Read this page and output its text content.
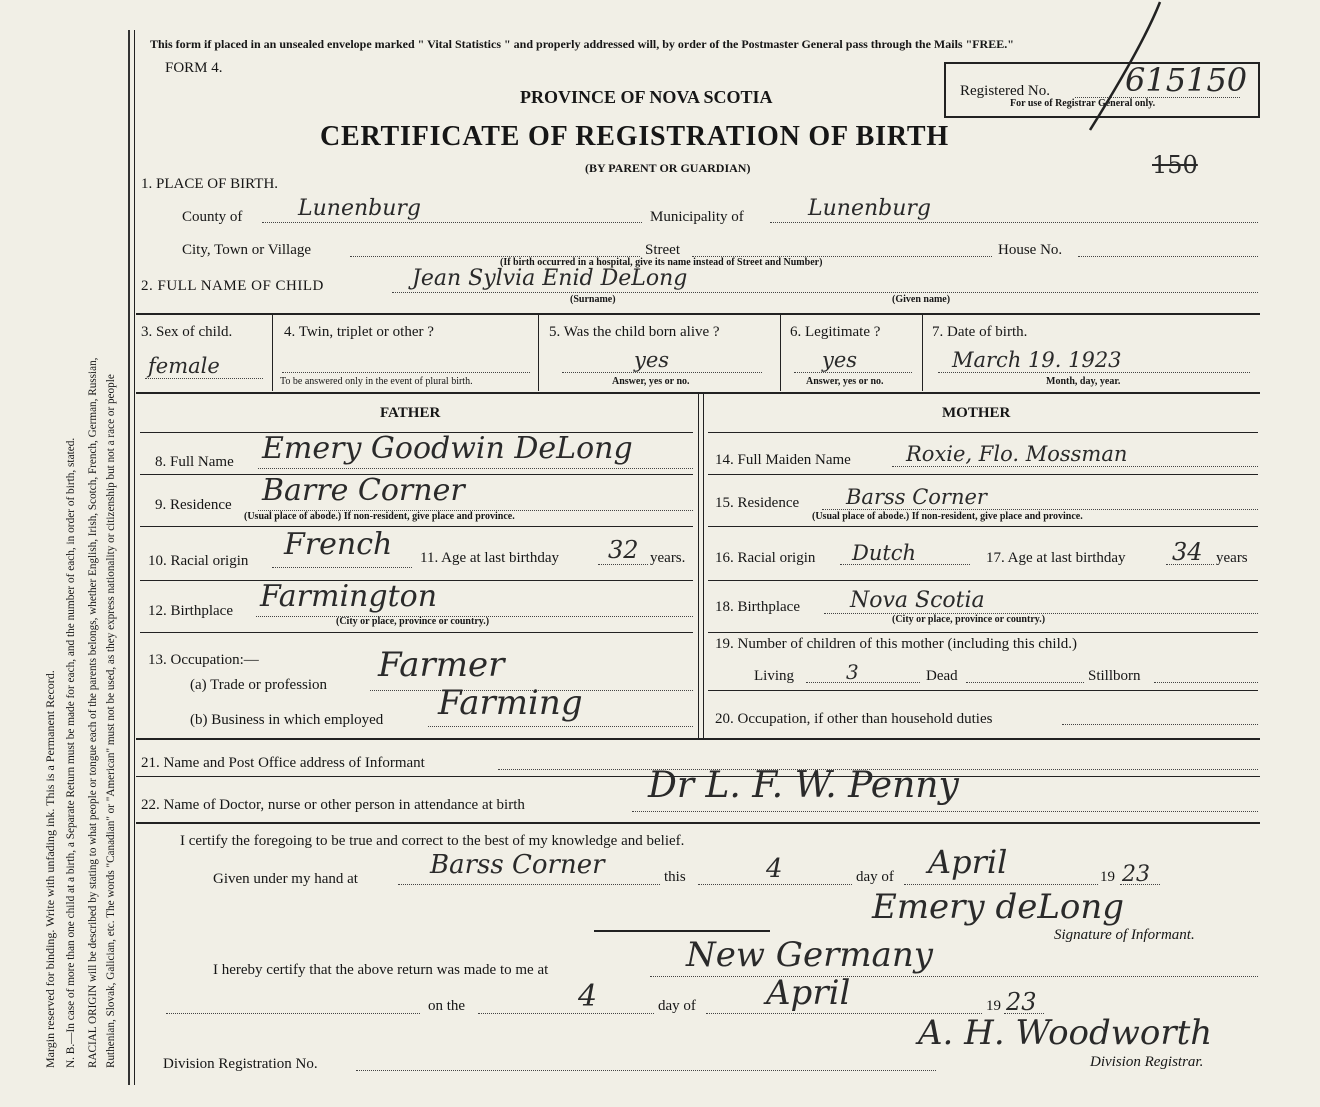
Margin reserved for binding. Write with unfading ink. This is a Permanent Record. N. B.—In case of more than one child at a birth, a Separate Return must be made for each, and the number of each, in order of birth, stated. RACIAL ORIGIN will be described by stating to what people or tongue each of the parents belongs, whether English, Irish, Scotch, French, German, Russian, Ruthenian, Slovak, Galician, etc. The words "Canadian" or "American" must not be used, as they express nationality or citizenship but not a race or people
This form if placed in an unsealed envelope marked " Vital Statistics " and properly addressed will, by order of the Postmaster General pass through the Mails "FREE."
FORM 4.
PROVINCE OF NOVA SCOTIA
CERTIFICATE OF REGISTRATION OF BIRTH
(BY PARENT OR GUARDIAN)
Registered No. 615150
For use of Registrar General only.
150
1. PLACE OF BIRTH.
County of	Lunenburg	Municipality of	Lunenburg
City, Town or Village	Street	House No.
(If birth occurred in a hospital, give its name instead of Street and Number)
2. FULL NAME OF CHILD	Jean Sylvia Enid DeLong
(Surname)	(Given name)
3. Sex of child.
female
4. Twin, triplet or other ?
To be answered only in the event of plural birth.
5. Was the child born alive ?
yes
Answer, yes or no.
6. Legitimate ?
yes
Answer, yes or no.
7. Date of birth.
March 19. 1923
Month, day, year.
FATHER
8. Full Name Emery Goodwin DeLong
9. Residence Barre Corner
(Usual place of abode.) If non-resident, give place and province.
10. Racial origin French 11. Age at last birthday 32 years.
12. Birthplace Farmington
(City or place, province or country.)
13. Occupation:—
(a) Trade or profession Farmer
(b) Business in which employed Farming
MOTHER
14. Full Maiden Name	Roxie, Flo. Mossman
15. Residence Barss Corner
(Usual place of abode.) If non-resident, give place and province.
16. Racial origin Dutch	17. Age at last birthday 34 years
18. Birthplace Nova Scotia
(City or place, province or country.)
19. Number of children of this mother (including this child.)
Living	3	Dead	Stillborn
20. Occupation, if other than household duties
21. Name and Post Office address of Informant
22. Name of Doctor, nurse or other person in attendance at birth	Dr L. F. W. Penny
I certify the foregoing to be true and correct to the best of my knowledge and belief.
Given under my hand at	Barss Corner	this	4	day of April	19 23
Emery deLong
Signature of Informant.
I hereby certify that the above return was made to me at	New Germany
on the	4	day of April	19 23
A. H. Woodworth
Division Registrar.
Division Registration No.
